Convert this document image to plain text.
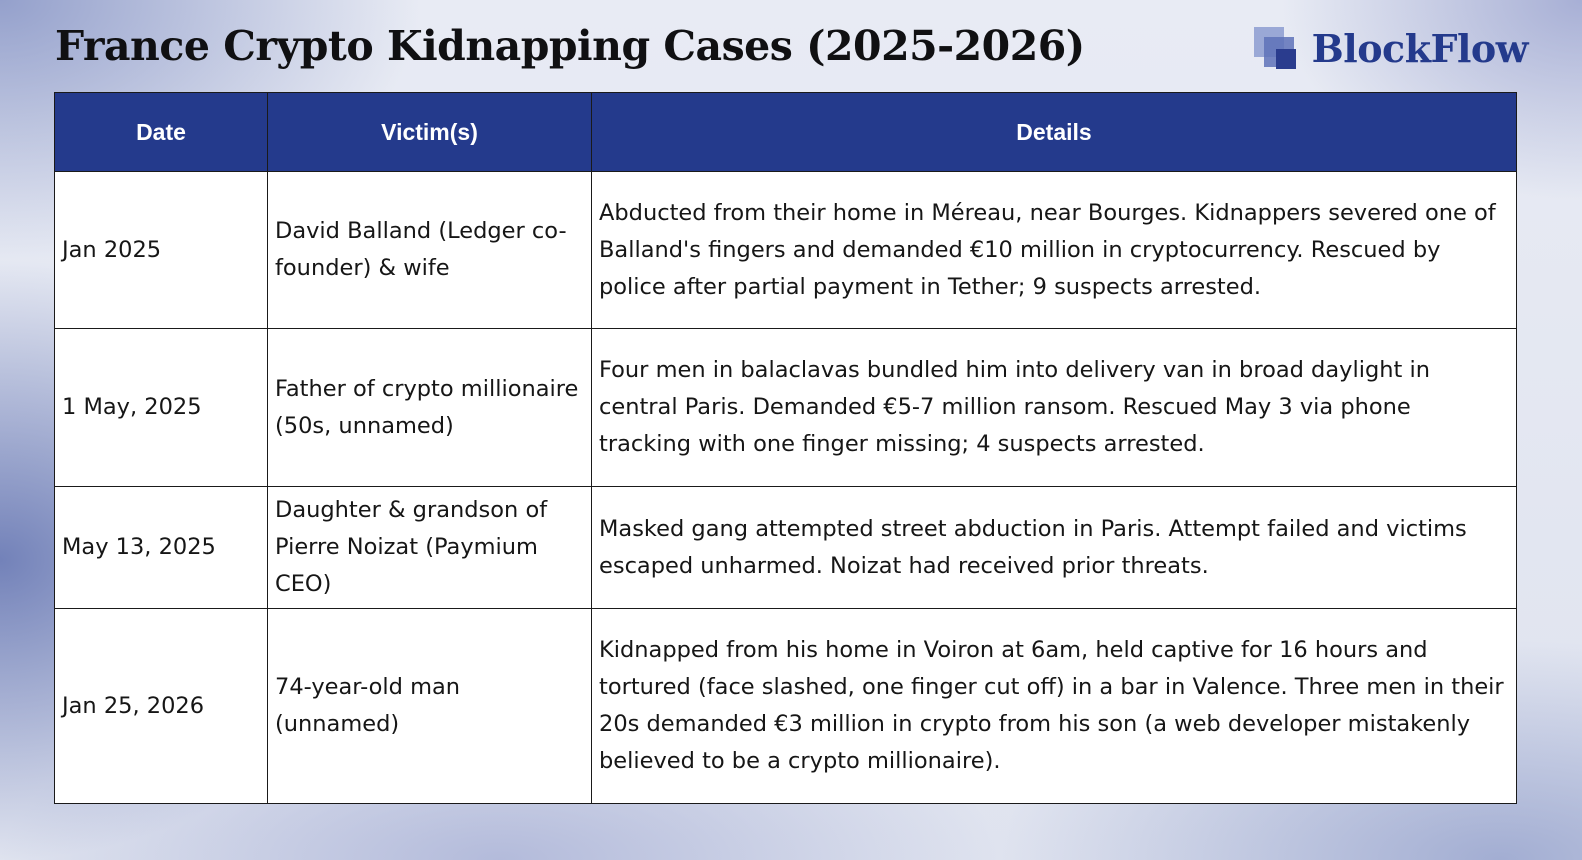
France Crypto Kidnapping Cases (2025-2026)	BlockFlow
Date	Victim(s)	Details
Jan 2025	David Balland (Ledger co-founder) & wife	Abducted from their home in Méreau, near Bourges. Kidnappers severed one of Balland's fingers and demanded €10 million in cryptocurrency. Rescued by police after partial payment in Tether; 9 suspects arrested.
1 May, 2025	Father of crypto millionaire (50s, unnamed)	Four men in balaclavas bundled him into delivery van in broad daylight in central Paris. Demanded €5-7 million ransom. Rescued May 3 via phone tracking with one finger missing; 4 suspects arrested.
May 13, 2025	Daughter & grandson of Pierre Noizat (Paymium CEO)	Masked gang attempted street abduction in Paris. Attempt failed and victims escaped unharmed. Noizat had received prior threats.
Jan 25, 2026	74-year-old man (unnamed)	Kidnapped from his home in Voiron at 6am, held captive for 16 hours and tortured (face slashed, one finger cut off) in a bar in Valence. Three men in their 20s demanded €3 million in crypto from his son (a web developer mistakenly believed to be a crypto millionaire).
